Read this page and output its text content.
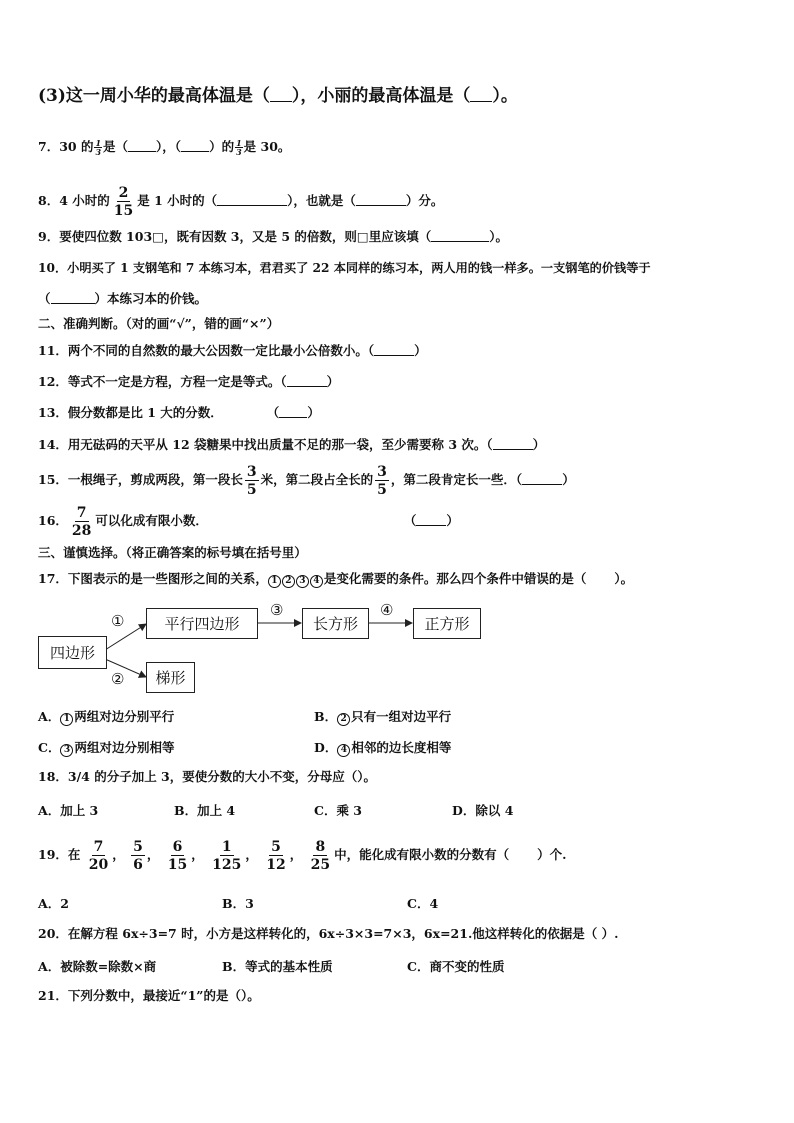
(3)这一周小华的最高体温是（ ），小丽的最高体温是（ ）。
7．30 的 $\frac{1}{3}$ 是（ ），（ ）的 $\frac{1}{3}$ 是 30。
8．4 小时的 $\frac{2}{15}$ 是 1 小时的（	），也就是（	）分。
9．要使四位数 103□，既有因数 3，又是 5 的倍数，则□里应该填（	）。
10．小明买了 1 支钢笔和 7 本练习本，君君买了 22 本同样的练习本，两人用的钱一样多。一支钢笔的价钱等于
（	）本练习本的价钱。
二、准确判断。（对的画“√”，错的画“×”）
11．两个不同的自然数的最大公因数一定比最小公倍数小。（	）
12．等式不一定是方程，方程一定是等式。（	）
13．假分数都是比 1 大的分数．	（ ）
14．用无砝码的天平从 12 袋糖果中找出质量不足的那一袋，至少需要称 3 次。（	）
15．一根绳子，剪成两段，第一段长 $\frac{3}{5}$ 米，第二段占全长的 $\frac{3}{5}$ ，第二段肯定长一些．（	）
16． $\frac{7}{28}$ 可以化成有限小数．	（ ）
三、谨慎选择。（将正确答案的标号填在括号里）
17．下图表示的是一些图形之间的关系， 1 2 3 4 是变化需要的条件。那么四个条件中错误的是（ ）。
四边形
平行四边形	长方形	正方形
梯形
①
②
③	④
A． 1 两组对边分别平行	B． 2 只有一组对边平行
C． 3 两组对边分别相等	D． 4 相邻的边长度相等
18．3/4 的分子加上 3，要使分数的大小不变，分母应（）。
A．加上 3	B．加上 4	C．乘 3	D．除以 4
19．在 $\frac{7}{20}$ ， $\frac{5}{6}$ ， $\frac{6}{15}$ ， $\frac{1}{125}$ ， $\frac{5}{12}$ ， $\frac{8}{25}$ 中，能化成有限小数的分数有（ ）个.
A．2	B．3	C．4
20．在解方程 6x÷3=7 时，小方是这样转化的，6x÷3×3=7×3，6x=21.他这样转化的依据是（ ）.
A．被除数=除数×商	B．等式的基本性质	C．商不变的性质
21．下列分数中，最接近“1”的是（）。
